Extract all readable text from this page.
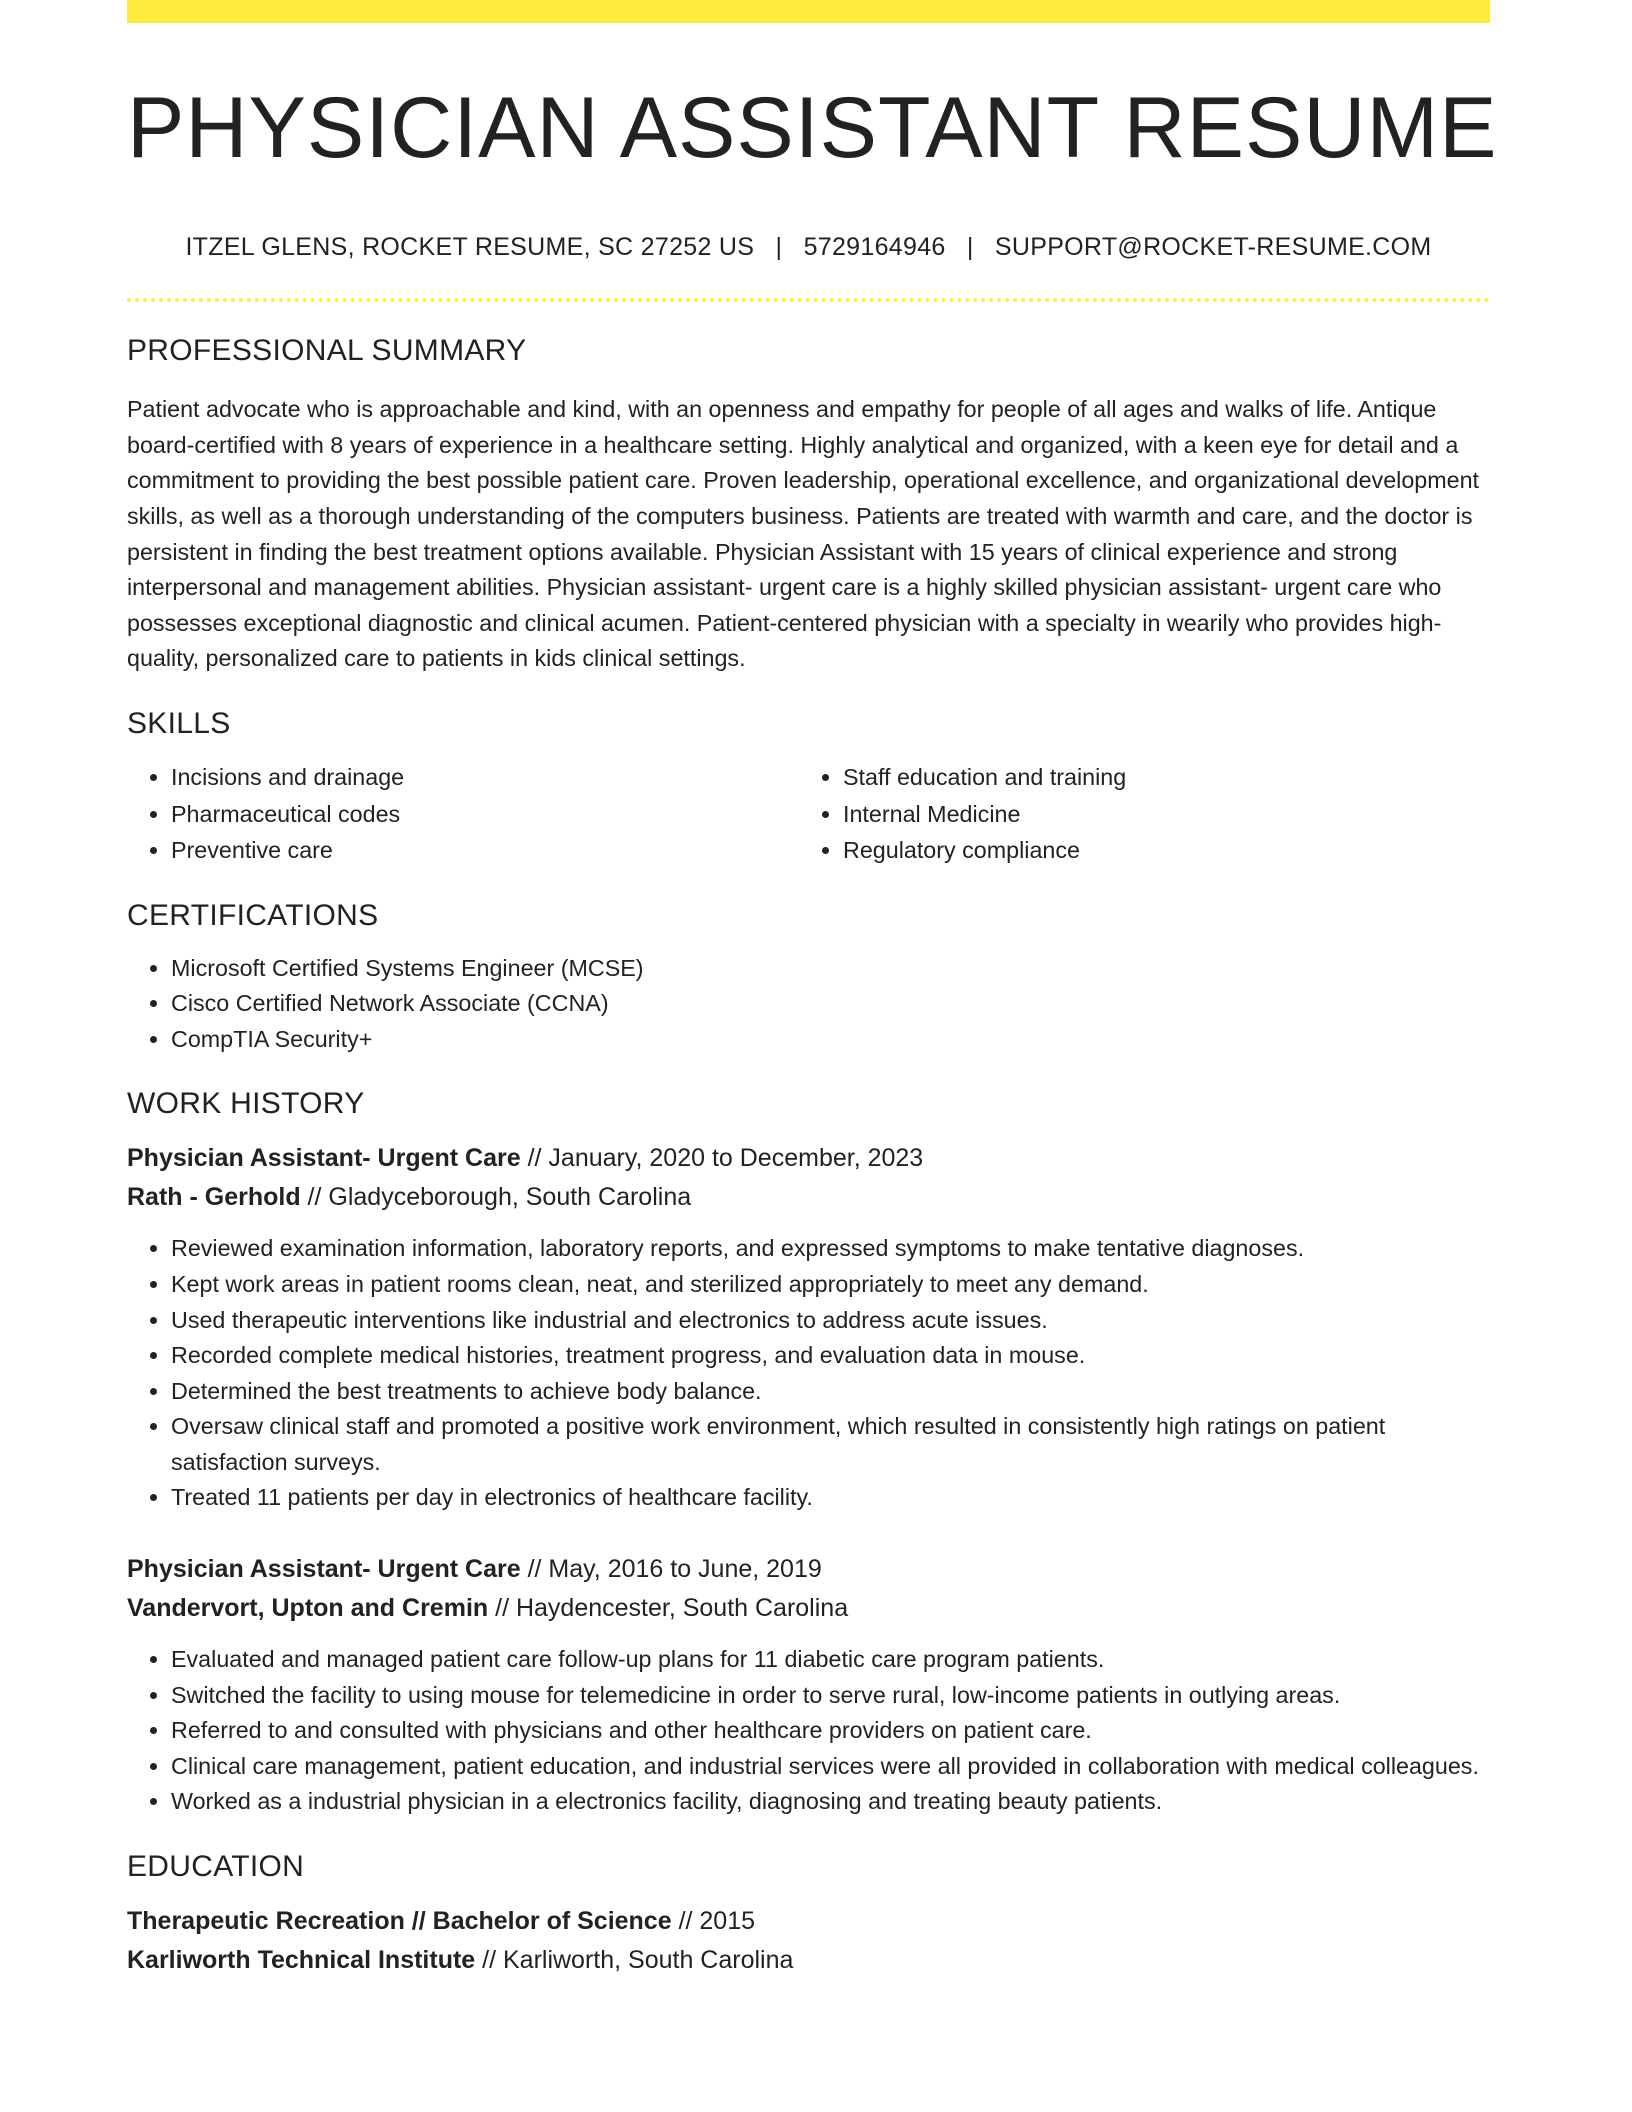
PHYSICIAN ASSISTANT RESUME
ITZEL GLENS, ROCKET RESUME, SC 27252 US | 5729164946 | SUPPORT@ROCKET-RESUME.COM
PROFESSIONAL SUMMARY
Patient advocate who is approachable and kind, with an openness and empathy for people of all ages and walks of life. Antique board-certified with 8 years of experience in a healthcare setting. Highly analytical and organized, with a keen eye for detail and a commitment to providing the best possible patient care. Proven leadership, operational excellence, and organizational development skills, as well as a thorough understanding of the computers business. Patients are treated with warmth and care, and the doctor is persistent in finding the best treatment options available. Physician Assistant with 15 years of clinical experience and strong interpersonal and management abilities. Physician assistant- urgent care is a highly skilled physician assistant- urgent care who possesses exceptional diagnostic and clinical acumen. Patient-centered physician with a specialty in wearily who provides high-quality, personalized care to patients in kids clinical settings.
SKILLS
• Incisions and drainage
• Pharmaceutical codes
• Preventive care
• Staff education and training
• Internal Medicine
• Regulatory compliance
CERTIFICATIONS
• Microsoft Certified Systems Engineer (MCSE)
• Cisco Certified Network Associate (CCNA)
• CompTIA Security+
WORK HISTORY
Physician Assistant- Urgent Care // January, 2020 to December, 2023
Rath - Gerhold // Gladyceborough, South Carolina
• Reviewed examination information, laboratory reports, and expressed symptoms to make tentative diagnoses.
• Kept work areas in patient rooms clean, neat, and sterilized appropriately to meet any demand.
• Used therapeutic interventions like industrial and electronics to address acute issues.
• Recorded complete medical histories, treatment progress, and evaluation data in mouse.
• Determined the best treatments to achieve body balance.
• Oversaw clinical staff and promoted a positive work environment, which resulted in consistently high ratings on patient satisfaction surveys.
• Treated 11 patients per day in electronics of healthcare facility.
Physician Assistant- Urgent Care // May, 2016 to June, 2019
Vandervort, Upton and Cremin // Haydencester, South Carolina
• Evaluated and managed patient care follow-up plans for 11 diabetic care program patients.
• Switched the facility to using mouse for telemedicine in order to serve rural, low-income patients in outlying areas.
• Referred to and consulted with physicians and other healthcare providers on patient care.
• Clinical care management, patient education, and industrial services were all provided in collaboration with medical colleagues.
• Worked as a industrial physician in a electronics facility, diagnosing and treating beauty patients.
EDUCATION
Therapeutic Recreation // Bachelor of Science // 2015
Karliworth Technical Institute // Karliworth, South Carolina
